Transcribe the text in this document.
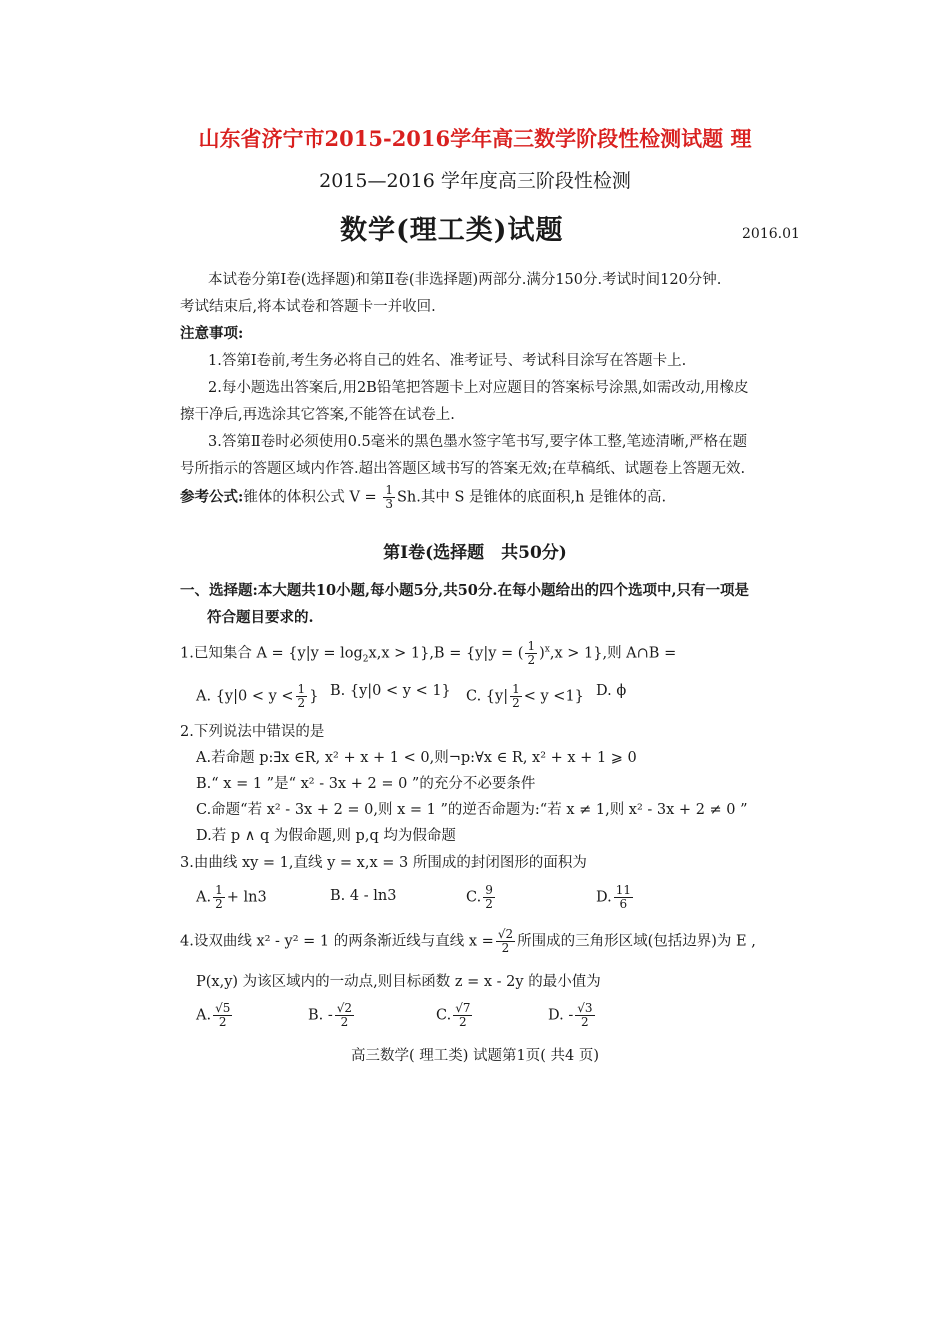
山东省济宁市2015-2016学年高三数学阶段性检测试题 理
2015—2016 学年度高三阶段性检测
数学(理工类)试题	2016.01
本试卷分第Ⅰ卷(选择题)和第Ⅱ卷(非选择题)两部分.满分150分.考试时间120分钟.
考试结束后,将本试卷和答题卡一并收回.
注意事项:
1.答第Ⅰ卷前,考生务必将自己的姓名、准考证号、考试科目涂写在答题卡上.
2.每小题选出答案后,用2B铅笔把答题卡上对应题目的答案标号涂黑,如需改动,用橡皮
擦干净后,再选涂其它答案,不能答在试卷上.
3.答第Ⅱ卷时必须使用0.5毫米的黑色墨水签字笔书写,要字体工整,笔迹清晰,严格在题
号所指示的答题区域内作答.超出答题区域书写的答案无效;在草稿纸、试题卷上答题无效.
参考公式:锥体的体积公式 $V = \frac{1}{3} Sh$.其中 S 是锥体的底面积,h 是锥体的高.
第Ⅰ卷(选择题　共50分)
一、选择题:本大题共10小题,每小题5分,共50分.在每小题给出的四个选项中,只有一项是
符合题目要求的.
1.已知集合 $A = \{y|y = \log_2x,x > 1\},B = \{y|y$ = ( $\frac{1}{2} )^x,x > 1$},则 A∩B =
A. {$y|0 < y < \frac{1}{2}$ } B. {y|0 < y < 1} C. $\{y| \frac{1}{2} < y <1\}$ D. ϕ
2.下列说法中错误的是
A.若命题 p:∃x ∈R, x² + x + 1 < 0,则¬p:∀x ∈ R, x² + x + 1 ⩾ 0
B.“ x = 1 ”是“ x² - 3x + 2 = 0 ”的充分不必要条件
C.命题“若 x² - 3x + 2 = 0,则 x = 1 ”的逆否命题为:“若 x ≠ 1,则 x² - 3x + 2 ≠ 0 ”
D.若 p ∧ q 为假命题,则 p,q 均为假命题
3.由曲线 xy = 1,直线 y = x,x = 3 所围成的封闭图形的面积为
A. $\frac{1}{2} + \ln 3$	B. 4 - ln3	C. $\frac{9}{2}$	D. $\frac{11}{6}$
4.设双曲线 x² - y² = 1 的两条渐近线与直线 $x = \frac{√2}{2}$ 所围成的三角形区域(包括边界)为 E ,
P(x,y) 为该区域内的一动点,则目标函数 z = x - 2y 的最小值为
A. $\frac{√5}{2}$	B. - $\frac{√2}{2}$	C. $\frac{√7}{2}$	D. - $\frac{√3}{2}$
高三数学( 理工类) 试题第1页( 共4 页)
